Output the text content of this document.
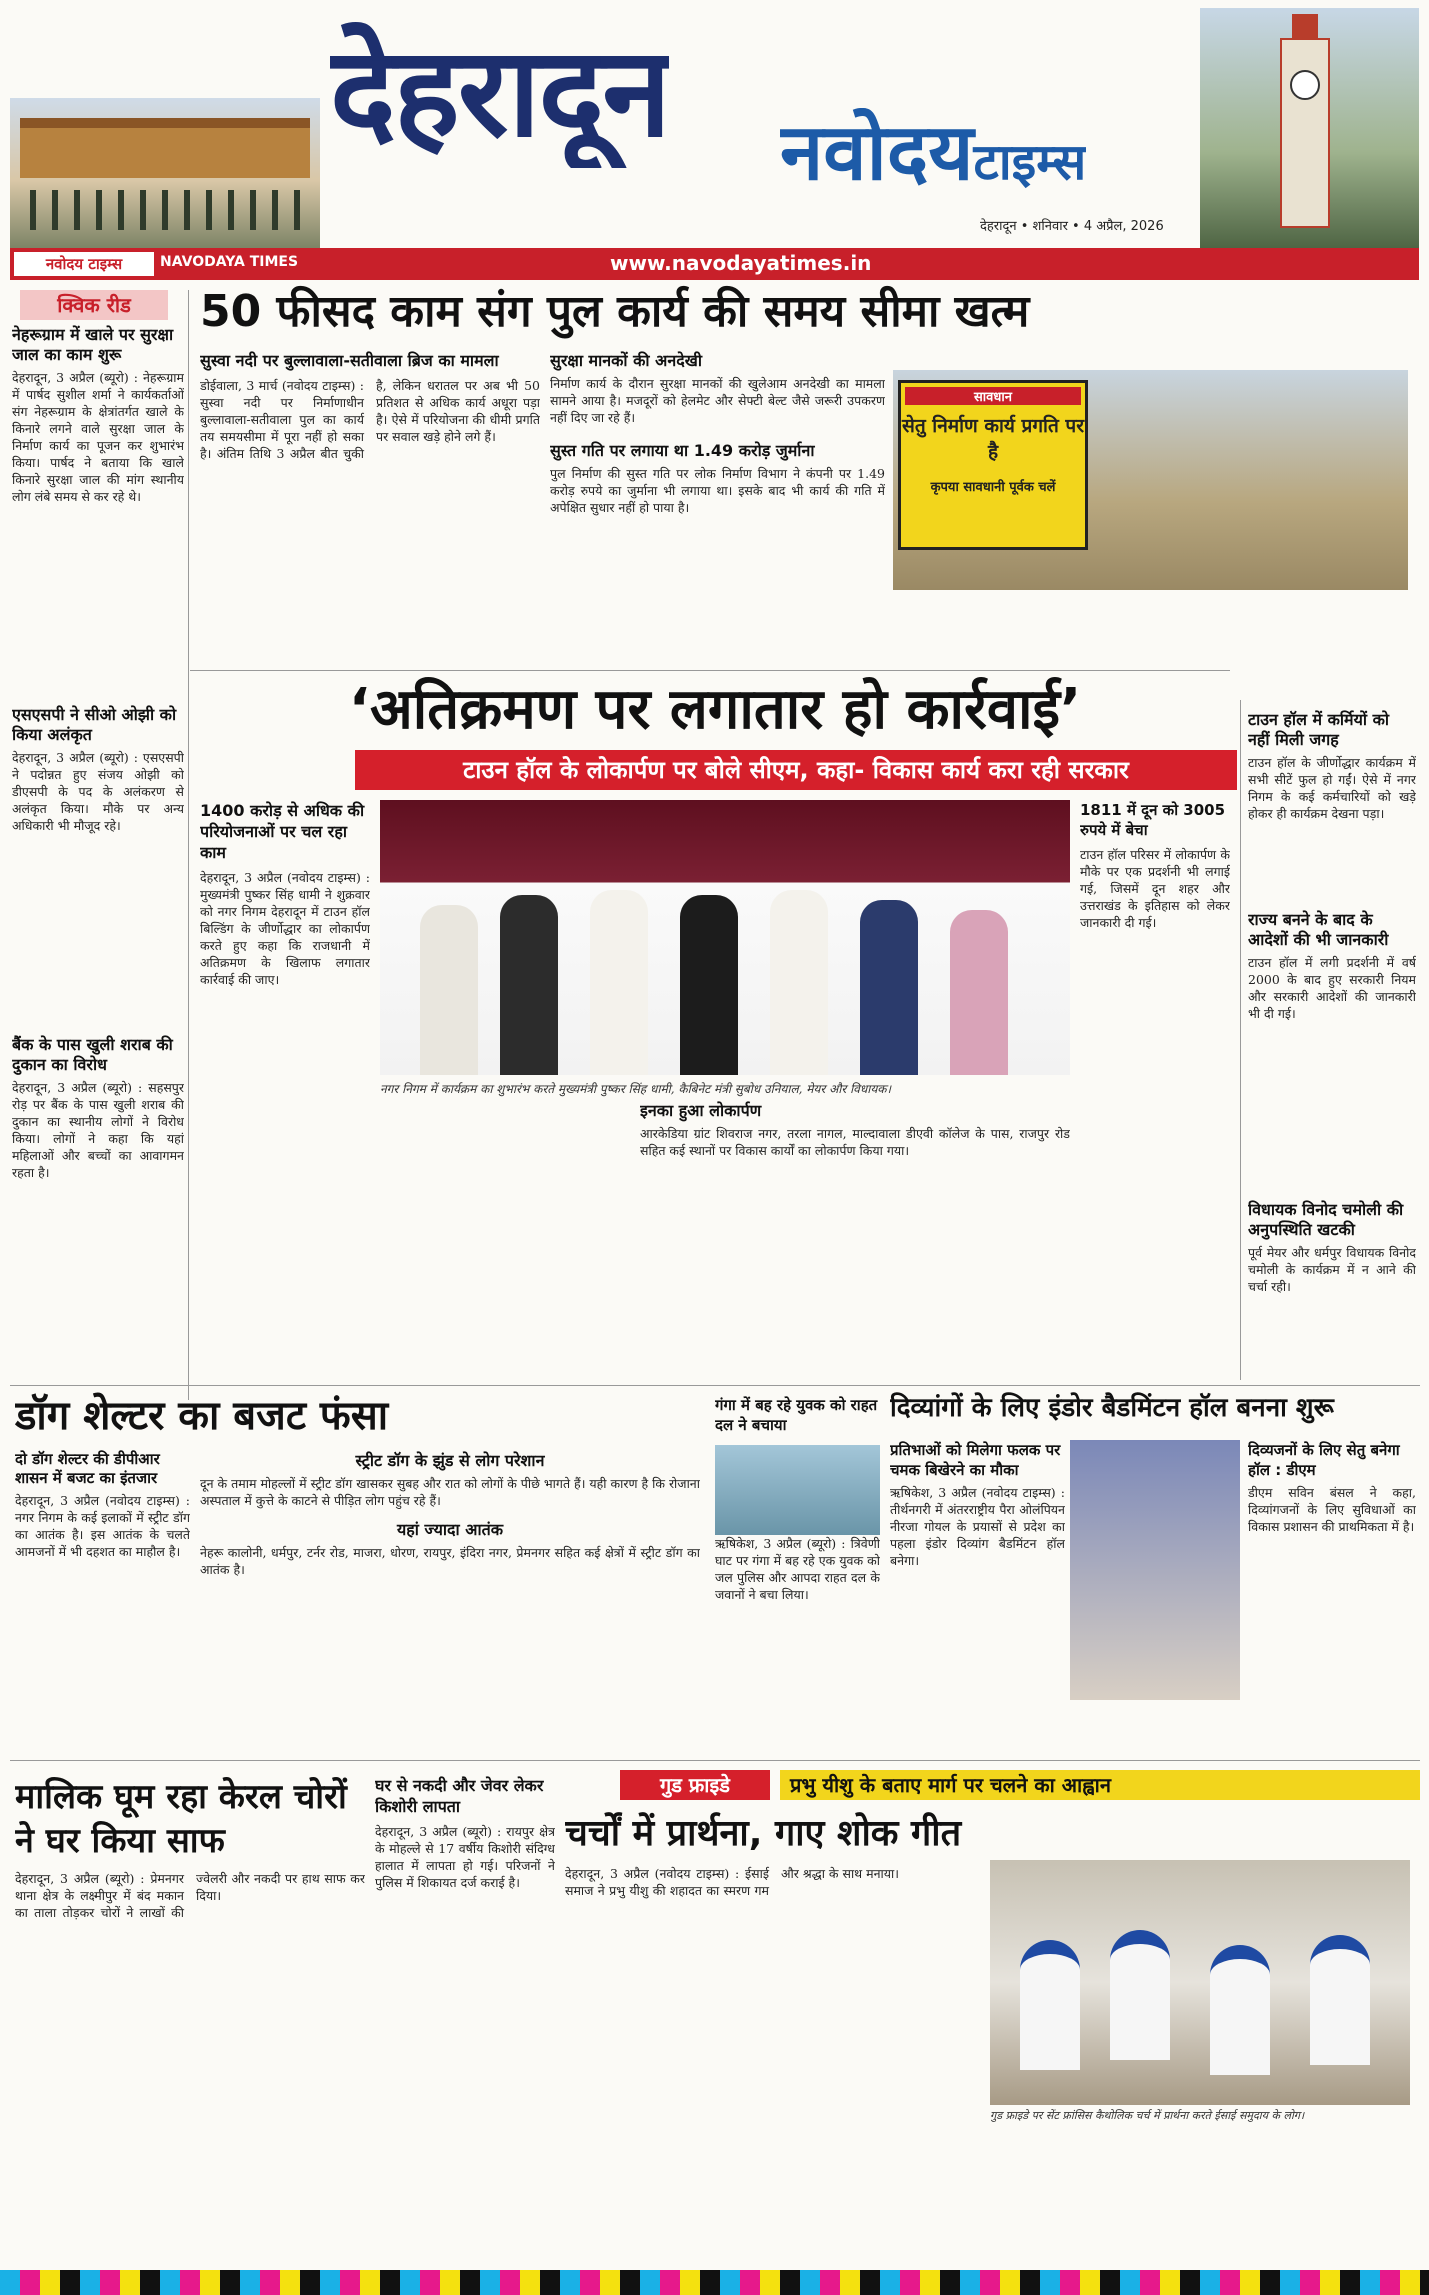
देहरादून नवोदयटाइम्स
देहरादून • शनिवार • 4 अप्रैल, 2026
नवोदय टाइम्स	NAVODAYA TIMES	www.navodayatimes.in
क्विक रीड	50 फीसद काम संग पुल कार्य की समय सीमा खत्म
नेहरूग्राम में खाले पर सुरक्षा जाल का काम शुरू
देहरादून, 3 अप्रैल (ब्यूरो) : नेहरूग्राम में पार्षद सुशील शर्मा ने कार्यकर्ताओं संग नेहरूग्राम के क्षेत्रांतर्गत खाले के किनारे लगने वाले सुरक्षा जाल के निर्माण कार्य का पूजन कर शुभारंभ किया। पार्षद ने बताया कि खाले किनारे सुरक्षा जाल की मांग स्थानीय लोग लंबे समय से कर रहे थे।
एसएसपी ने सीओ ओझी को किया अलंकृत
देहरादून, 3 अप्रैल (ब्यूरो) : एसएसपी ने पदोन्नत हुए संजय ओझी को डीएसपी के पद के अलंकरण से अलंकृत किया। मौके पर अन्य अधिकारी भी मौजूद रहे।
बैंक के पास खुली शराब की दुकान का विरोध
देहरादून, 3 अप्रैल (ब्यूरो) : सहसपुर रोड़ पर बैंक के पास खुली शराब की दुकान का स्थानीय लोगों ने विरोध किया। लोगों ने कहा कि यहां महिलाओं और बच्चों का आवागमन रहता है।
सुस्वा नदी पर बुल्लावाला-सतीवाला ब्रिज का मामला
डोईवाला, 3 मार्च (नवोदय टाइम्स) : सुस्वा नदी पर निर्माणाधीन बुल्लावाला-सतीवाला पुल का कार्य तय समयसीमा में पूरा नहीं हो सका है। अंतिम तिथि 3 अप्रैल बीत चुकी है, लेकिन धरातल पर अब भी 50 प्रतिशत से अधिक कार्य अधूरा पड़ा है। ऐसे में परियोजना की धीमी प्रगति पर सवाल खड़े होने लगे हैं।
सुरक्षा मानकों की अनदेखी
निर्माण कार्य के दौरान सुरक्षा मानकों की खुलेआम अनदेखी का मामला सामने आया है। मजदूरों को हेलमेट और सेफ्टी बेल्ट जैसे जरूरी उपकरण नहीं दिए जा रहे हैं।
सुस्त गति पर लगाया था 1.49 करोड़ जुर्माना
पुल निर्माण की सुस्त गति पर लोक निर्माण विभाग ने कंपनी पर 1.49 करोड़ रुपये का जुर्माना भी लगाया था। इसके बाद भी कार्य की गति में अपेक्षित सुधार नहीं हो पाया है।
सावधान
सेतु निर्माण कार्य प्रगति पर है
कृपया सावधानी पूर्वक चलें
‘अतिक्रमण पर लगातार हो कार्रवाई’
टाउन हॉल के लोकार्पण पर बोले सीएम, कहा- विकास कार्य करा रही सरकार
1400 करोड़ से अधिक की परियोजनाओं पर चल रहा काम
देहरादून, 3 अप्रैल (नवोदय टाइम्स) : मुख्यमंत्री पुष्कर सिंह धामी ने शुक्रवार को नगर निगम देहरादून में टाउन हॉल बिल्डिंग के जीर्णोद्धार का लोकार्पण करते हुए कहा कि राजधानी में अतिक्रमण के खिलाफ लगातार कार्रवाई की जाए।
नगर निगम में कार्यक्रम का शुभारंभ करते मुख्यमंत्री पुष्कर सिंह धामी, कैबिनेट मंत्री सुबोध उनियाल, मेयर और विधायक।
1811 में दून को 3005 रुपये में बेचा
टाउन हॉल परिसर में लोकार्पण के मौके पर एक प्रदर्शनी भी लगाई गई, जिसमें दून शहर और उत्तराखंड के इतिहास को लेकर जानकारी दी गई।
इनका हुआ लोकार्पण
आरकेडिया ग्रांट शिवराज नगर, तरला नागल, माल्दावाला डीएवी कॉलेज के पास, राजपुर रोड सहित कई स्थानों पर विकास कार्यों का लोकार्पण किया गया।
टाउन हॉल में कर्मियों को नहीं मिली जगह
टाउन हॉल के जीर्णोद्धार कार्यक्रम में सभी सीटें फुल हो गईं। ऐसे में नगर निगम के कई कर्मचारियों को खड़े होकर ही कार्यक्रम देखना पड़ा।
राज्य बनने के बाद के आदेशों की भी जानकारी
टाउन हॉल में लगी प्रदर्शनी में वर्ष 2000 के बाद हुए सरकारी नियम और सरकारी आदेशों की जानकारी भी दी गई।
विधायक विनोद चमोली की अनुपस्थिति खटकी
पूर्व मेयर और धर्मपुर विधायक विनोद चमोली के कार्यक्रम में न आने की चर्चा रही।
डॉग शेल्टर का बजट फंसा
दो डॉग शेल्टर की डीपीआर शासन में बजट का इंतजार
देहरादून, 3 अप्रैल (नवोदय टाइम्स) : नगर निगम के कई इलाकों में स्ट्रीट डॉग का आतंक है। इस आतंक के चलते आमजनों में भी दहशत का माहौल है।
स्ट्रीट डॉग के झुंड से लोग परेशान
दून के तमाम मोहल्लों में स्ट्रीट डॉग खासकर सुबह और रात को लोगों के पीछे भागते हैं। यही कारण है कि रोजाना अस्पताल में कुत्ते के काटने से पीड़ित लोग पहुंच रहे हैं।
यहां ज्यादा आतंक
नेहरू कालोनी, धर्मपुर, टर्नर रोड, माजरा, धोरण, रायपुर, इंदिरा नगर, प्रेमनगर सहित कई क्षेत्रों में स्ट्रीट डॉग का आतंक है।
गंगा में बह रहे युवक को राहत दल ने बचाया
ऋषिकेश, 3 अप्रैल (ब्यूरो) : त्रिवेणी घाट पर गंगा में बह रहे एक युवक को जल पुलिस और आपदा राहत दल के जवानों ने बचा लिया।
दिव्यांगों के लिए इंडोर बैडमिंटन हॉल बनना शुरू
प्रतिभाओं को मिलेगा फलक पर चमक बिखेरने का मौका
ऋषिकेश, 3 अप्रैल (नवोदय टाइम्स) : तीर्थनगरी में अंतरराष्ट्रीय पैरा ओलंपियन नीरजा गोयल के प्रयासों से प्रदेश का पहला इंडोर दिव्यांग बैडमिंटन हॉल बनेगा।
दिव्यजनों के लिए सेतु बनेगा हॉल : डीएम
डीएम सविन बंसल ने कहा, दिव्यांगजनों के लिए सुविधाओं का विकास प्रशासन की प्राथमिकता में है।
मालिक घूम रहा केरल चोरों ने घर किया साफ
देहरादून, 3 अप्रैल (ब्यूरो) : प्रेमनगर थाना क्षेत्र के लक्ष्मीपुर में बंद मकान का ताला तोड़कर चोरों ने लाखों की ज्वेलरी और नकदी पर हाथ साफ कर दिया।
घर से नकदी और जेवर लेकर किशोरी लापता
देहरादून, 3 अप्रैल (ब्यूरो) : रायपुर क्षेत्र के मोहल्ले से 17 वर्षीय किशोरी संदिग्ध हालात में लापता हो गई। परिजनों ने पुलिस में शिकायत दर्ज कराई है।
गुड फ्राइडे	प्रभु यीशु के बताए मार्ग पर चलने का आह्वान
चर्चों में प्रार्थना, गाए शोक गीत
देहरादून, 3 अप्रैल (नवोदय टाइम्स) : ईसाई समाज ने प्रभु यीशु की शहादत का स्मरण गम और श्रद्धा के साथ मनाया।
गुड फ्राइडे पर सेंट फ्रांसिस कैथोलिक चर्च में प्रार्थना करते ईसाई समुदाय के लोग।
